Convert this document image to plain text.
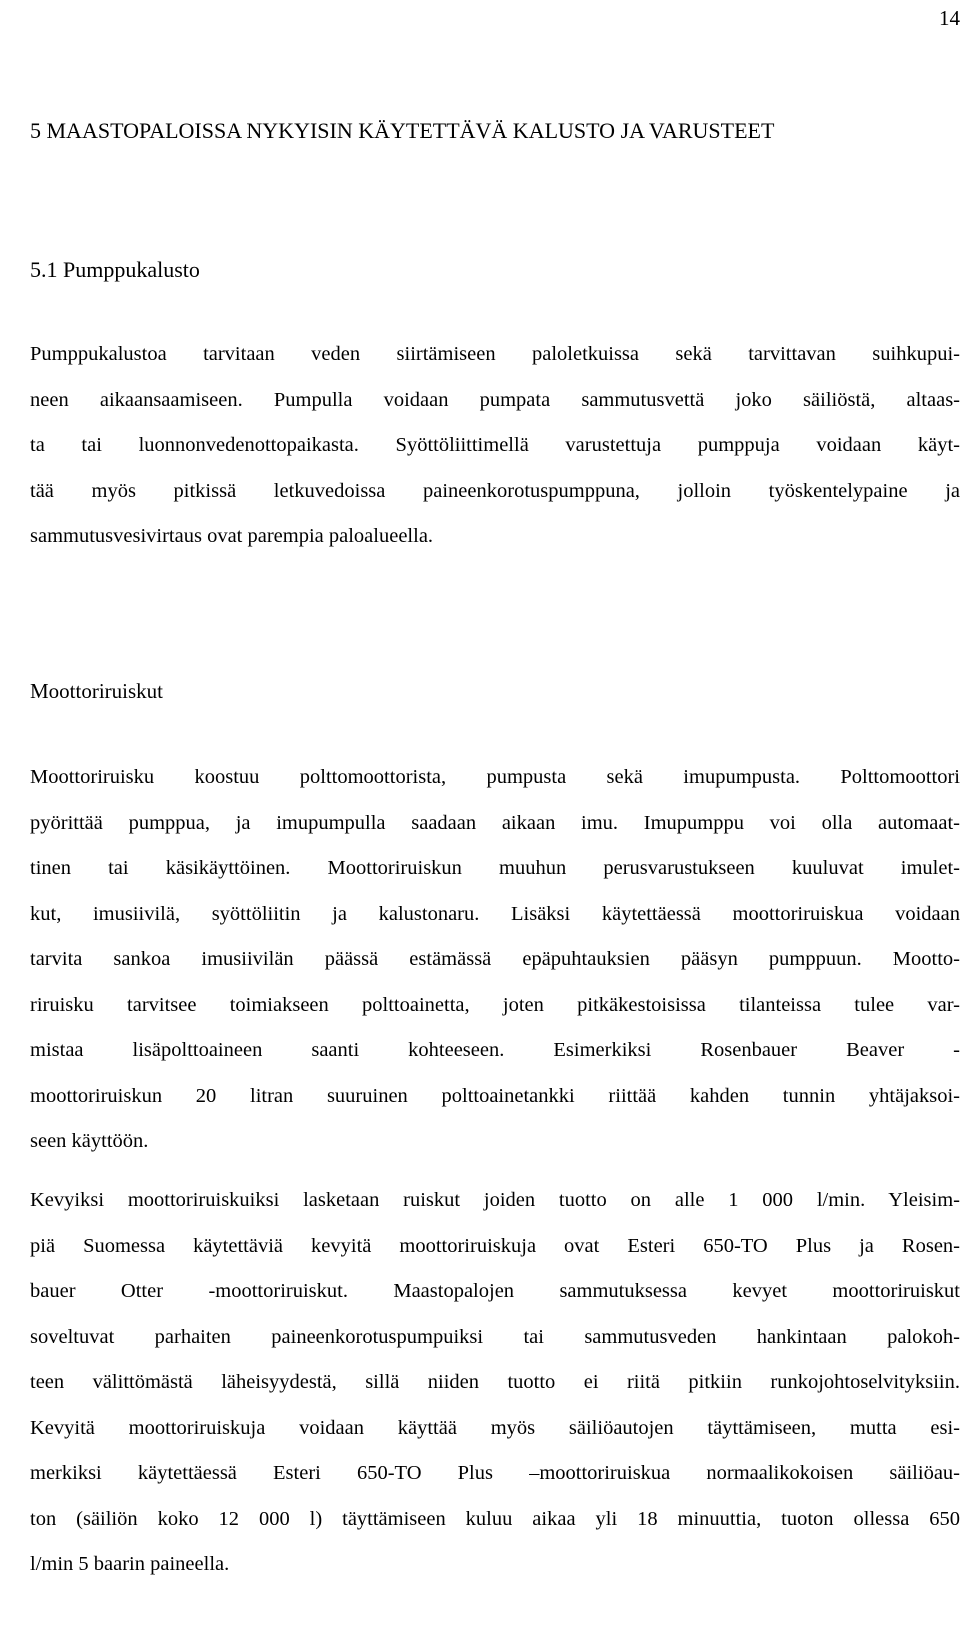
14
5 MAASTOPALOISSA NYKYISIN KÄYTETTÄVÄ KALUSTO JA VARUSTEET
5.1 Pumppukalusto
Pumppukalustoa tarvitaan veden siirtämiseen paloletkuissa sekä tarvittavan suihkupui-
neen aikaansaamiseen. Pumpulla voidaan pumpata sammutusvettä joko säiliöstä, altaas-
ta tai luonnonvedenottopaikasta. Syöttöliittimellä varustettuja pumppuja voidaan käyt-
tää myös pitkissä letkuvedoissa paineenkorotuspumppuna, jolloin työskentelypaine ja
sammutusvesivirtaus ovat parempia paloalueella.
Moottoriruiskut
Moottoriruisku koostuu polttomoottorista, pumpusta sekä imupumpusta. Polttomoottori
pyörittää pumppua, ja imupumpulla saadaan aikaan imu. Imupumppu voi olla automaat-
tinen tai käsikäyttöinen. Moottoriruiskun muuhun perusvarustukseen kuuluvat imulet-
kut, imusiivilä, syöttöliitin ja kalustonaru. Lisäksi käytettäessä moottoriruiskua voidaan
tarvita sankoa imusiivilän päässä estämässä epäpuhtauksien pääsyn pumppuun. Mootto-
riruisku tarvitsee toimiakseen polttoainetta, joten pitkäkestoisissa tilanteissa tulee var-
mistaa lisäpolttoaineen saanti kohteeseen. Esimerkiksi Rosenbauer Beaver -
moottoriruiskun 20 litran suuruinen polttoainetankki riittää kahden tunnin yhtäjaksoi-
seen käyttöön.
Kevyiksi moottoriruiskuiksi lasketaan ruiskut joiden tuotto on alle 1 000 l/min. Yleisim-
piä Suomessa käytettäviä kevyitä moottoriruiskuja ovat Esteri 650-TO Plus ja Rosen-
bauer Otter -moottoriruiskut. Maastopalojen sammutuksessa kevyet moottoriruiskut
soveltuvat parhaiten paineenkorotuspumpuiksi tai sammutusveden hankintaan palokoh-
teen välittömästä läheisyydestä, sillä niiden tuotto ei riitä pitkiin runkojohtoselvityksiin.
Kevyitä moottoriruiskuja voidaan käyttää myös säiliöautojen täyttämiseen, mutta esi-
merkiksi käytettäessä Esteri 650-TO Plus –moottoriruiskua normaalikokoisen säiliöau-
ton (säiliön koko 12 000 l) täyttämiseen kuluu aikaa yli 18 minuuttia, tuoton ollessa 650
l/min 5 baarin paineella.
